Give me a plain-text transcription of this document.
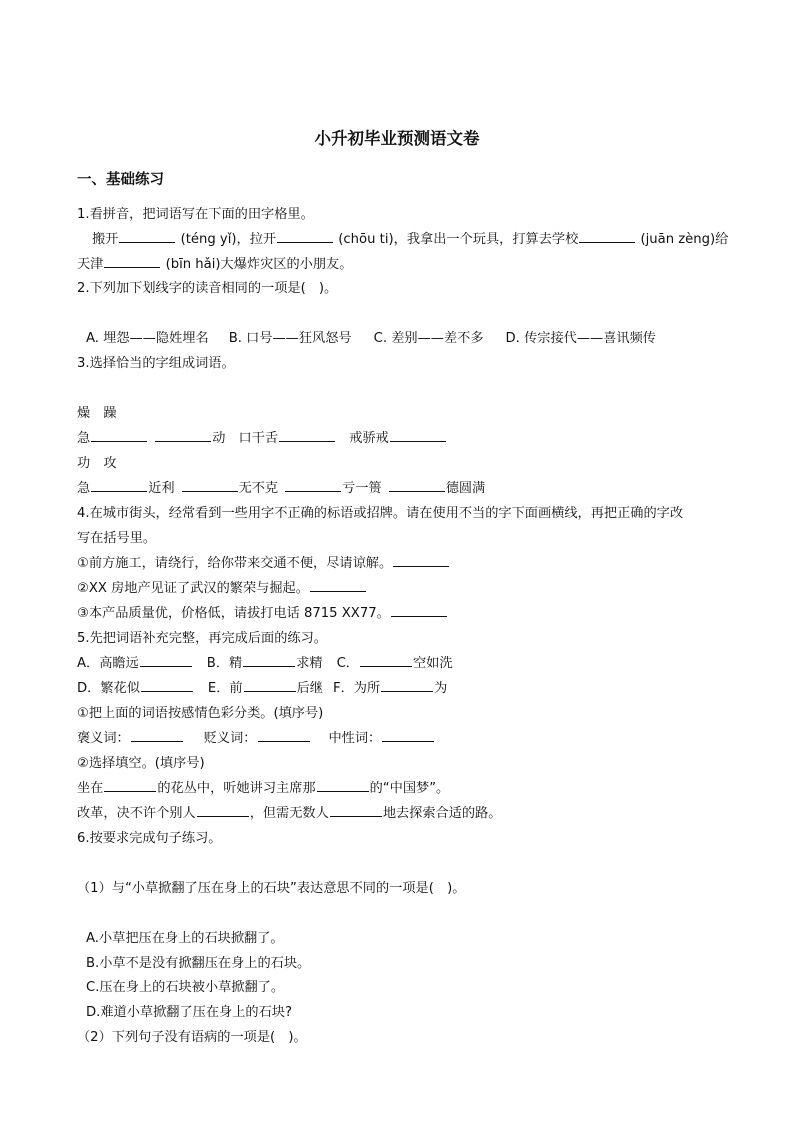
小升初毕业预测语文卷
一、基础练习
1.看拼音，把词语写在下面的田字格里。
搬开	(téng yǐ)，拉开	(chōu ti)，我拿出一个玩具，打算去学校	(juān zèng)给
天津	(bīn hǎi)大爆炸灾区的小朋友。
2.下列加下划线字的读音相同的一项是(　)。
A. 埋怨——隐姓埋名 B. 口号——狂风怒号 C. 差别——差不多 D. 传宗接代——喜讯频传
3.选择恰当的字组成词语。
燥　躁
急	动　口干舌	　戒骄戒
功　攻
急	近利	无不克	亏一篑	德圆满
4.在城市街头，经常看到一些用字不正确的标语或招牌。请在使用不当的字下面画横线，再把正确的字改
写在括号里。
①前方施工，请绕行，给你带来交通不便，尽请谅解。
②XX 房地产见证了武汉的繁荣与掘起。
③本产品质量优，价格低，请拔打电话 8715 XX77。
5.先把词语补充完整，再完成后面的练习。
A．高瞻远	B．精	求精 C．	空如洗
D．繁花似	E．前	后继 F．为所	为
①把上面的词语按感情色彩分类。(填序号)
褒义词：	贬义词：	中性词：
②选择填空。(填序号)
坐在	的花丛中，听她讲习主席那	的“中国梦”。
改革，决不许个别人	，但需无数人	地去探索合适的路。
6.按要求完成句子练习。
（1）与“小草掀翻了压在身上的石块”表达意思不同的一项是(　)。
A.小草把压在身上的石块掀翻了。
B.小草不是没有掀翻压在身上的石块。
C.压在身上的石块被小草掀翻了。
D.难道小草掀翻了压在身上的石块?
（2）下列句子没有语病的一项是(　)。
